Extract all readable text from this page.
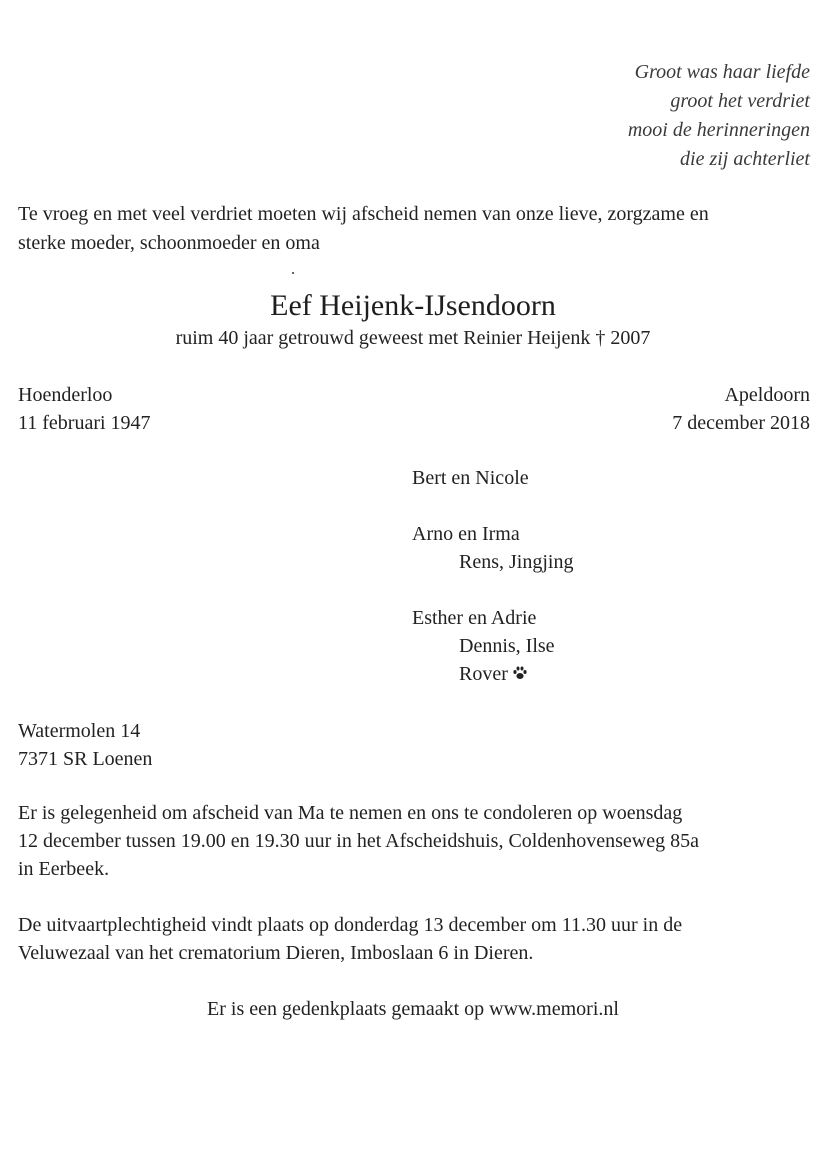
Groot was haar liefde
groot het verdriet
mooi de herinneringen
die zij achterliet
Te vroeg en met veel verdriet moeten wij afscheid nemen van onze lieve, zorgzame en
sterke moeder, schoonmoeder en oma
Eef Heijenk-IJsendoorn
ruim 40 jaar getrouwd geweest met Reinier Heijenk † 2007
Hoenderloo
11 februari 1947
Apeldoorn
7 december 2018
Bert en Nicole
Arno en Irma
Rens, Jingjing
Esther en Adrie
Dennis, Ilse
Rover
Watermolen 14
7371 SR Loenen
Er is gelegenheid om afscheid van Ma te nemen en ons te condoleren op woensdag
12 december tussen 19.00 en 19.30 uur in het Afscheidshuis, Coldenhovenseweg 85a
in Eerbeek.
De uitvaartplechtigheid vindt plaats op donderdag 13 december om 11.30 uur in de
Veluwezaal van het crematorium Dieren, Imboslaan 6 in Dieren.
Er is een gedenkplaats gemaakt op www.memori.nl
